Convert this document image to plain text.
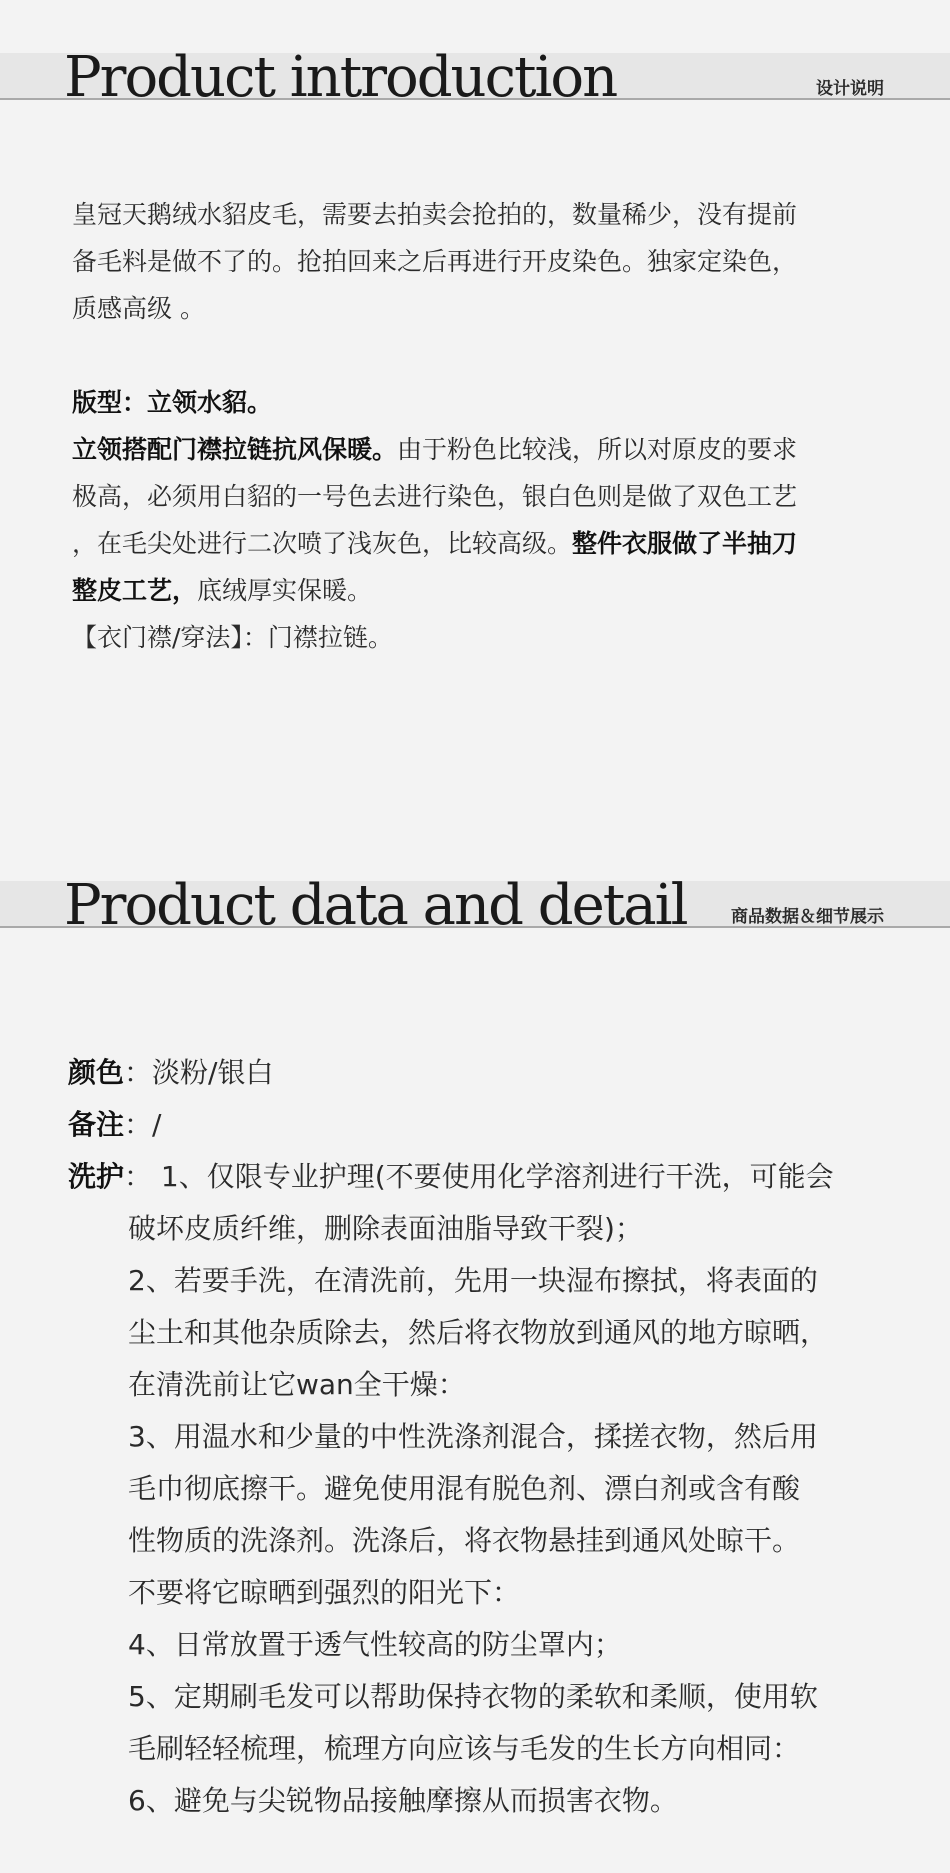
Product introduction	设计说明
皇冠天鹅绒水貂皮毛，需要去拍卖会抢拍的，数量稀少，没有提前
备毛料是做不了的。抢拍回来之后再进行开皮染色。独家定染色，
质感高级 。
版型：立领水貂。
立领搭配门襟拉链抗风保暖。由于粉色比较浅，所以对原皮的要求
极高，必须用白貂的一号色去进行染色，银白色则是做了双色工艺
，在毛尖处进行二次喷了浅灰色，比较高级。整件衣服做了半抽刀
整皮工艺，底绒厚实保暖。
【衣门襟/穿法】：门襟拉链。
Product data and detail	商品数据＆细节展示
颜色：淡粉/银白
备注：/
洗护： 1、仅限专业护理(不要使用化学溶剂进行干洗，可能会
破坏皮质纤维，删除表面油脂导致干裂)；
2、若要手洗，在清洗前，先用一块湿布擦拭，将表面的
尘土和其他杂质除去，然后将衣物放到通风的地方晾晒，
在清洗前让它wan全干燥：
3、用温水和少量的中性洗涤剂混合，揉搓衣物，然后用
毛巾彻底擦干。避免使用混有脱色剂、漂白剂或含有酸
性物质的洗涤剂。洗涤后，将衣物悬挂到通风处晾干。
不要将它晾晒到强烈的阳光下：
4、日常放置于透气性较高的防尘罩内；
5、定期刷毛发可以帮助保持衣物的柔软和柔顺，使用软
毛刷轻轻梳理，梳理方向应该与毛发的生长方向相同：
6、避免与尖锐物品接触摩擦从而损害衣物。
